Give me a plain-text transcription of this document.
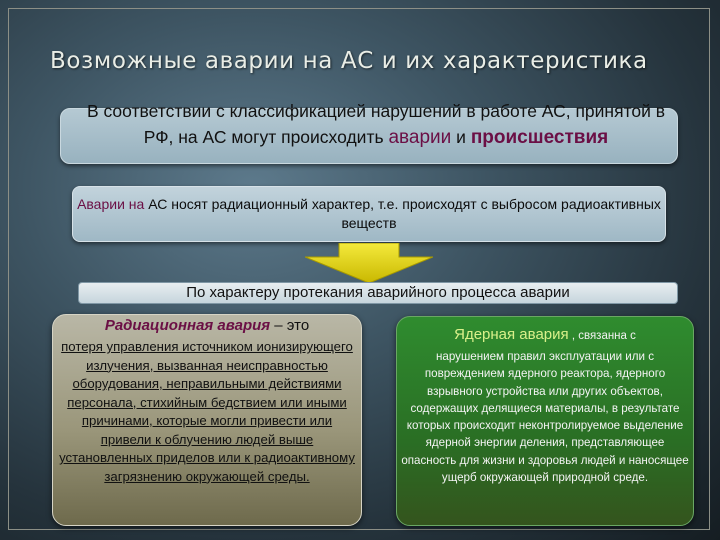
Возможные аварии на АС и их характеристика
В соответствии с классификацией нарушений в работе АС, принятой в РФ, на АС могут происходить аварии и происшествия
Аварии на АС носят радиационный характер, т.е. происходят с выбросом радиоактивных веществ
По характеру протекания аварийного процесса аварии
Радиационная авария – это
потеря управления источником ионизирующего излучения, вызванная неисправностью оборудования, неправильными действиями персонала, стихийным бедствием или иными причинами, которые могли привести или привели к облучению людей выше установленных приделов или к радиоактивному загрязнению окружающей среды.
Ядерная авария , связанна с
нарушением правил эксплуатации или с повреждением ядерного реактора, ядерного взрывного устройства или других объектов, содержащих делящиеся материалы, в результате которых происходит неконтролируемое выделение ядерной энергии деления, представляющее опасность для жизни и здоровья людей и наносящее ущерб окружающей природной среде.
